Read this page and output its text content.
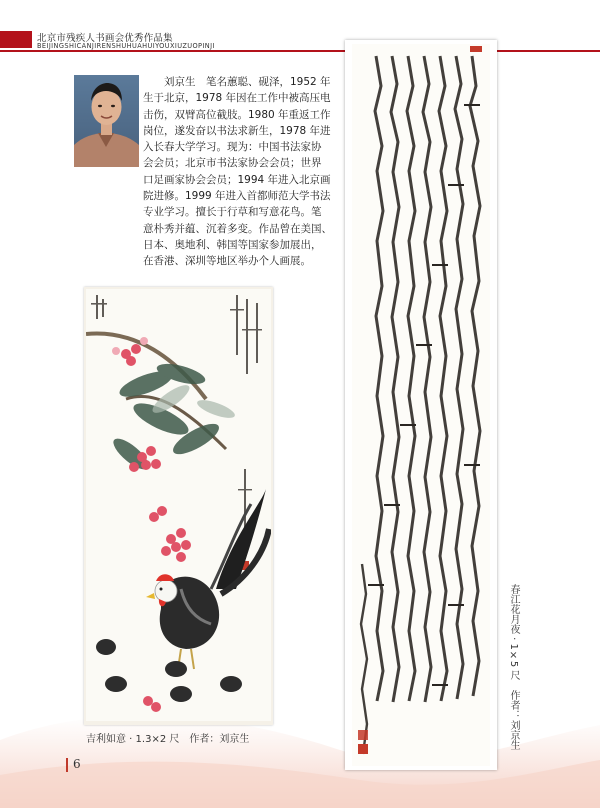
北京市残疾人书画会优秀作品集
BEIJINGSHICANJIRENSHUHUAHUIYOUXIUZUOPINJI
刘京生　笔名蕙聪、砚泽，1952 年
生于北京，1978 年因在工作中被高压电
击伤，双臂高位截肢。1980 年重返工作
岗位，遂发奋以书法求新生，1978 年进
入长春大学学习。现为：中国书法家协
会会员；北京市书法家协会会员；世界
口足画家协会会员；1994 年进入北京画
院进修。1999 年进入首都师范大学书法
专业学习。擅长于行草和写意花鸟。笔
意朴秀并蕴、沉着多变。作品曾在美国、
日本、奥地利、韩国等国家参加展出，
在香港、深圳等地区举办个人画展。
吉利如意 · 1.3×2 尺　作者：刘京生	春江花月夜 · 1×5 尺　作者：刘京生
6
